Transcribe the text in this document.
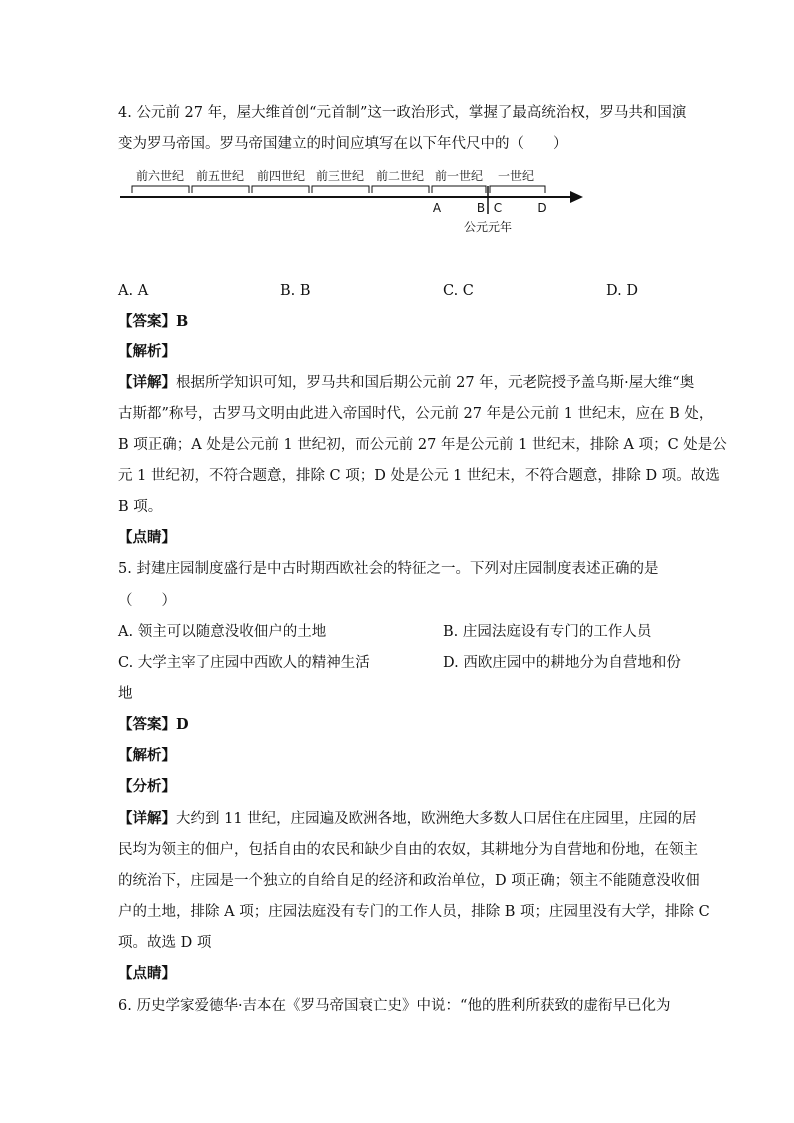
4. 公元前 27 年，屋大维首创“元首制”这一政治形式，掌握了最高统治权，罗马共和国演
变为罗马帝国。罗马帝国建立的时间应填写在以下年代尺中的（　　）
前六世纪 前五世纪 前四世纪 前三世纪 前二世纪 前一世纪 一世纪
A	B C	D
公元元年
A. A	B. B	C. C	D. D
【答案】B
【解析】
【详解】根据所学知识可知，罗马共和国后期公元前 27 年，元老院授予盖乌斯·屋大维“奥
古斯都”称号，古罗马文明由此进入帝国时代，公元前 27 年是公元前 1 世纪末，应在 B 处，
B 项正确；A 处是公元前 1 世纪初，而公元前 27 年是公元前 1 世纪末，排除 A 项；C 处是公
元 1 世纪初，不符合题意，排除 C 项；D 处是公元 1 世纪末，不符合题意，排除 D 项。故选
B 项。
【点睛】
5. 封建庄园制度盛行是中古时期西欧社会的特征之一。下列对庄园制度表述正确的是
（　　）
A. 领主可以随意没收佃户的土地	B. 庄园法庭设有专门的工作人员
C. 大学主宰了庄园中西欧人的精神生活	D. 西欧庄园中的耕地分为自营地和份
地
【答案】D
【解析】
【分析】
【详解】大约到 11 世纪，庄园遍及欧洲各地，欧洲绝大多数人口居住在庄园里，庄园的居
民均为领主的佃户，包括自由的农民和缺少自由的农奴，其耕地分为自营地和份地，在领主
的统治下，庄园是一个独立的自给自足的经济和政治单位，D 项正确；领主不能随意没收佃
户的土地，排除 A 项；庄园法庭没有专门的工作人员，排除 B 项；庄园里没有大学，排除 C
项。故选 D 项
【点睛】
6. 历史学家爱德华·吉本在《罗马帝国衰亡史》中说：“他的胜利所获致的虚衔早已化为
